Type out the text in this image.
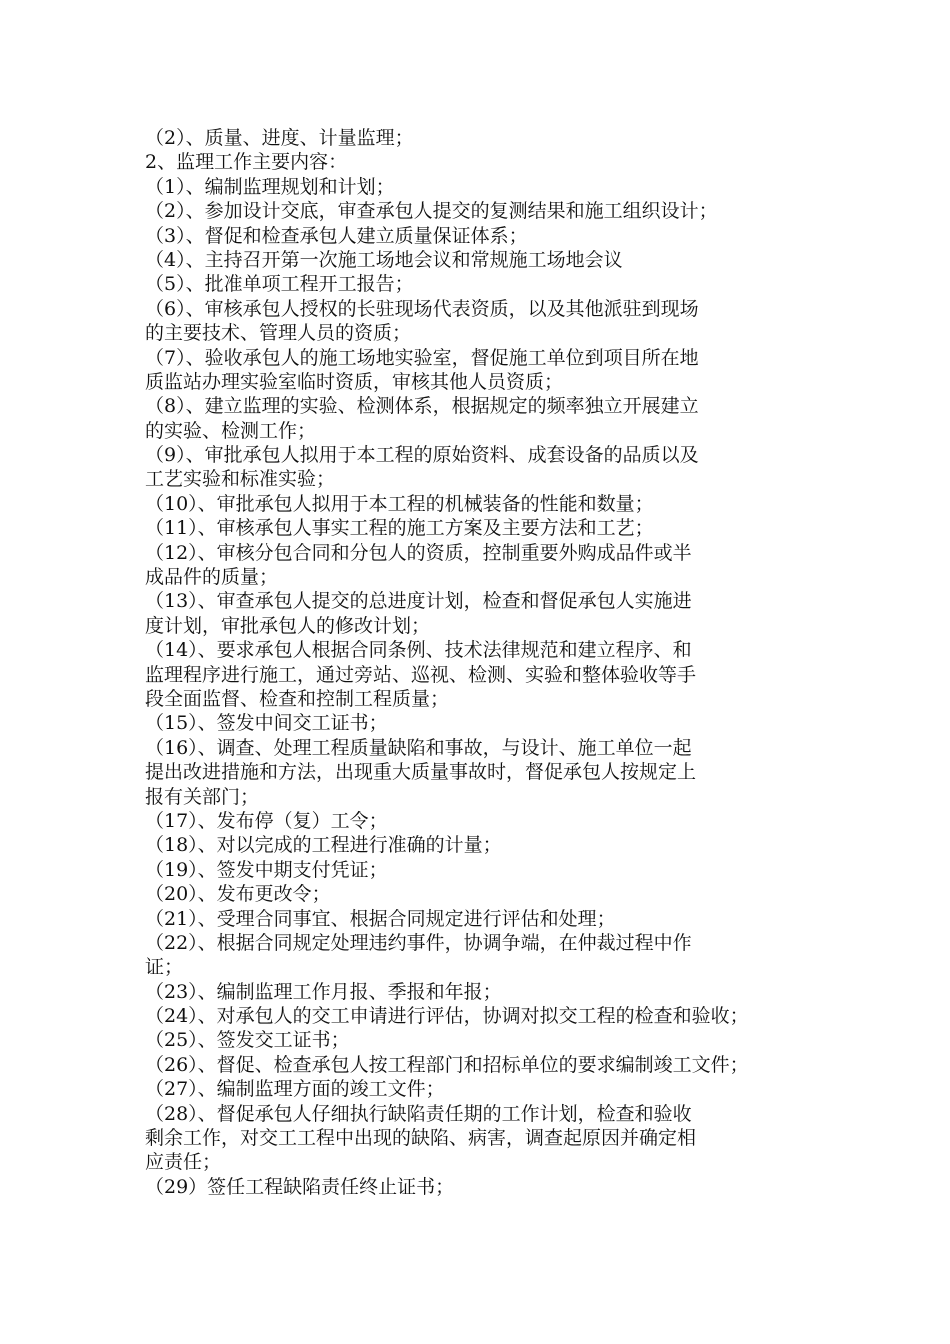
（2）、质量、进度、计量监理；
2、监理工作主要内容：
（1）、编制监理规划和计划；
（2）、参加设计交底，审查承包人提交的复测结果和施工组织设计；
（3）、督促和检查承包人建立质量保证体系；
（4）、主持召开第一次施工场地会议和常规施工场地会议
（5）、批准单项工程开工报告；
（6）、审核承包人授权的长驻现场代表资质，以及其他派驻到现场
的主要技术、管理人员的资质；
（7）、验收承包人的施工场地实验室，督促施工单位到项目所在地
质监站办理实验室临时资质，审核其他人员资质；
（8）、建立监理的实验、检测体系，根据规定的频率独立开展建立
的实验、检测工作；
（9）、审批承包人拟用于本工程的原始资料、成套设备的品质以及
工艺实验和标准实验；
（10）、审批承包人拟用于本工程的机械装备的性能和数量；
（11）、审核承包人事实工程的施工方案及主要方法和工艺；
（12）、审核分包合同和分包人的资质，控制重要外购成品件或半
成品件的质量；
（13）、审查承包人提交的总进度计划，检查和督促承包人实施进
度计划，审批承包人的修改计划；
（14）、要求承包人根据合同条例、技术法律规范和建立程序、和
监理程序进行施工，通过旁站、巡视、检测、实验和整体验收等手
段全面监督、检查和控制工程质量；
（15）、签发中间交工证书；
（16）、调查、处理工程质量缺陷和事故，与设计、施工单位一起
提出改进措施和方法，出现重大质量事故时，督促承包人按规定上
报有关部门；
（17）、发布停（复）工令；
（18）、对以完成的工程进行准确的计量；
（19）、签发中期支付凭证；
（20）、发布更改令；
（21）、受理合同事宜、根据合同规定进行评估和处理；
（22）、根据合同规定处理违约事件，协调争端，在仲裁过程中作
证；
（23）、编制监理工作月报、季报和年报；
（24）、对承包人的交工申请进行评估，协调对拟交工程的检查和验收；
（25）、签发交工证书；
（26）、督促、检查承包人按工程部门和招标单位的要求编制竣工文件；
（27）、编制监理方面的竣工文件；
（28）、督促承包人仔细执行缺陷责任期的工作计划，检查和验收
剩余工作，对交工工程中出现的缺陷、病害，调查起原因并确定相
应责任；
（29）签任工程缺陷责任终止证书；
